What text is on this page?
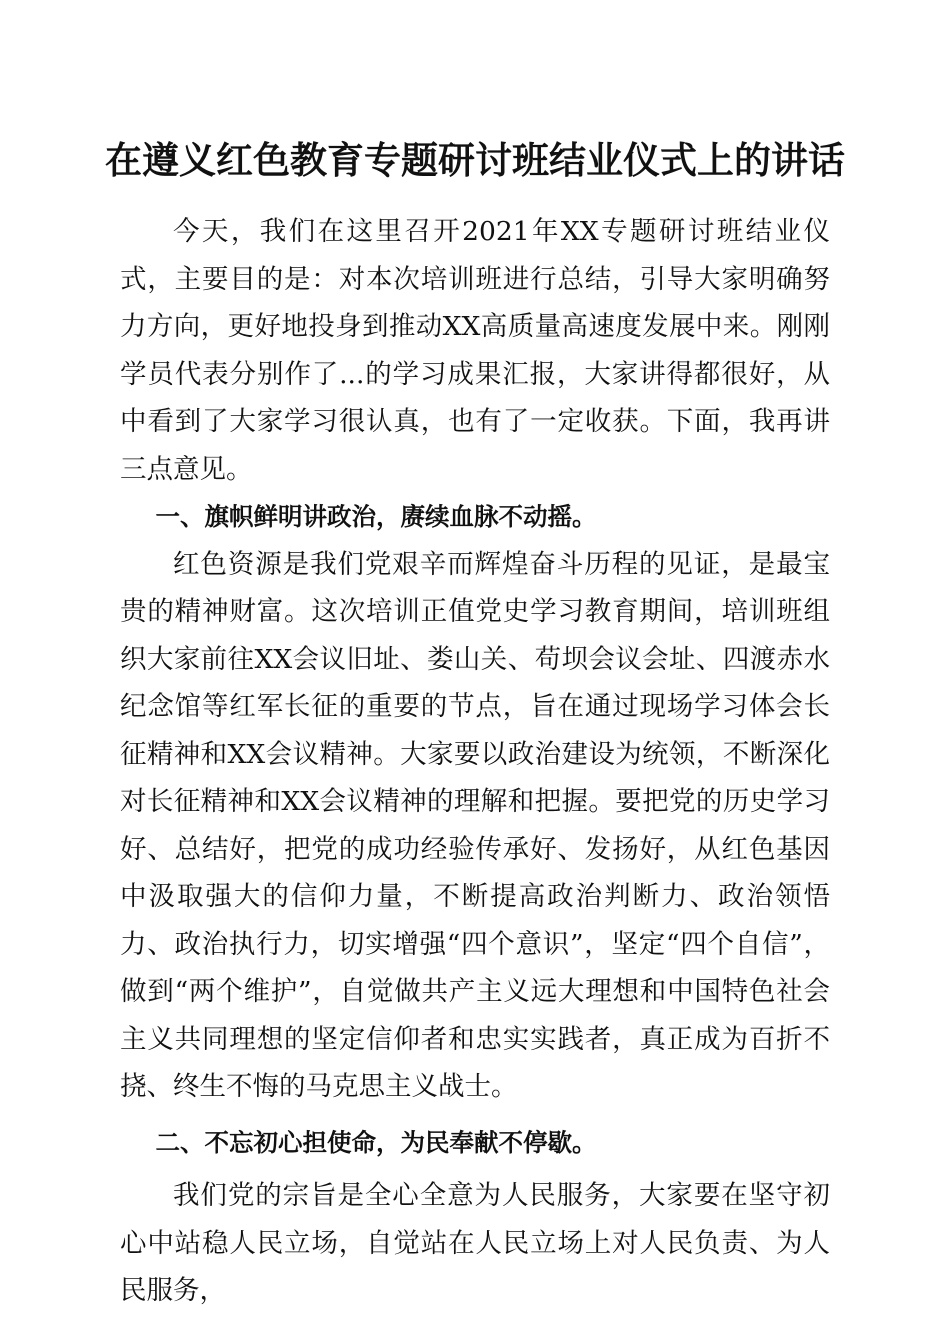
在遵义红色教育专题研讨班结业仪式上的讲话

今天，我们在这里召开2021年XX专题研讨班结业仪式，主要目的是：对本次培训班进行总结，引导大家明确努力方向，更好地投身到推动XX高质量高速度发展中来。刚刚学员代表分别作了...的学习成果汇报，大家讲得都很好，从中看到了大家学习很认真，也有了一定收获。下面，我再讲三点意见。

一、旗帜鲜明讲政治，赓续血脉不动摇。

红色资源是我们党艰辛而辉煌奋斗历程的见证，是最宝贵的精神财富。这次培训正值党史学习教育期间，培训班组织大家前往XX会议旧址、娄山关、苟坝会议会址、四渡赤水纪念馆等红军长征的重要的节点，旨在通过现场学习体会长征精神和XX会议精神。大家要以政治建设为统领，不断深化对长征精神和XX会议精神的理解和把握。要把党的历史学习好、总结好，把党的成功经验传承好、发扬好，从红色基因中汲取强大的信仰力量，不断提高政治判断力、政治领悟力、政治执行力，切实增强“四个意识”，坚定“四个自信”，做到“两个维护”，自觉做共产主义远大理想和中国特色社会主义共同理想的坚定信仰者和忠实实践者，真正成为百折不挠、终生不悔的马克思主义战士。

二、不忘初心担使命，为民奉献不停歇。

我们党的宗旨是全心全意为人民服务，大家要在坚守初心中站稳人民立场，自觉站在人民立场上对人民负责、为人民服务，
